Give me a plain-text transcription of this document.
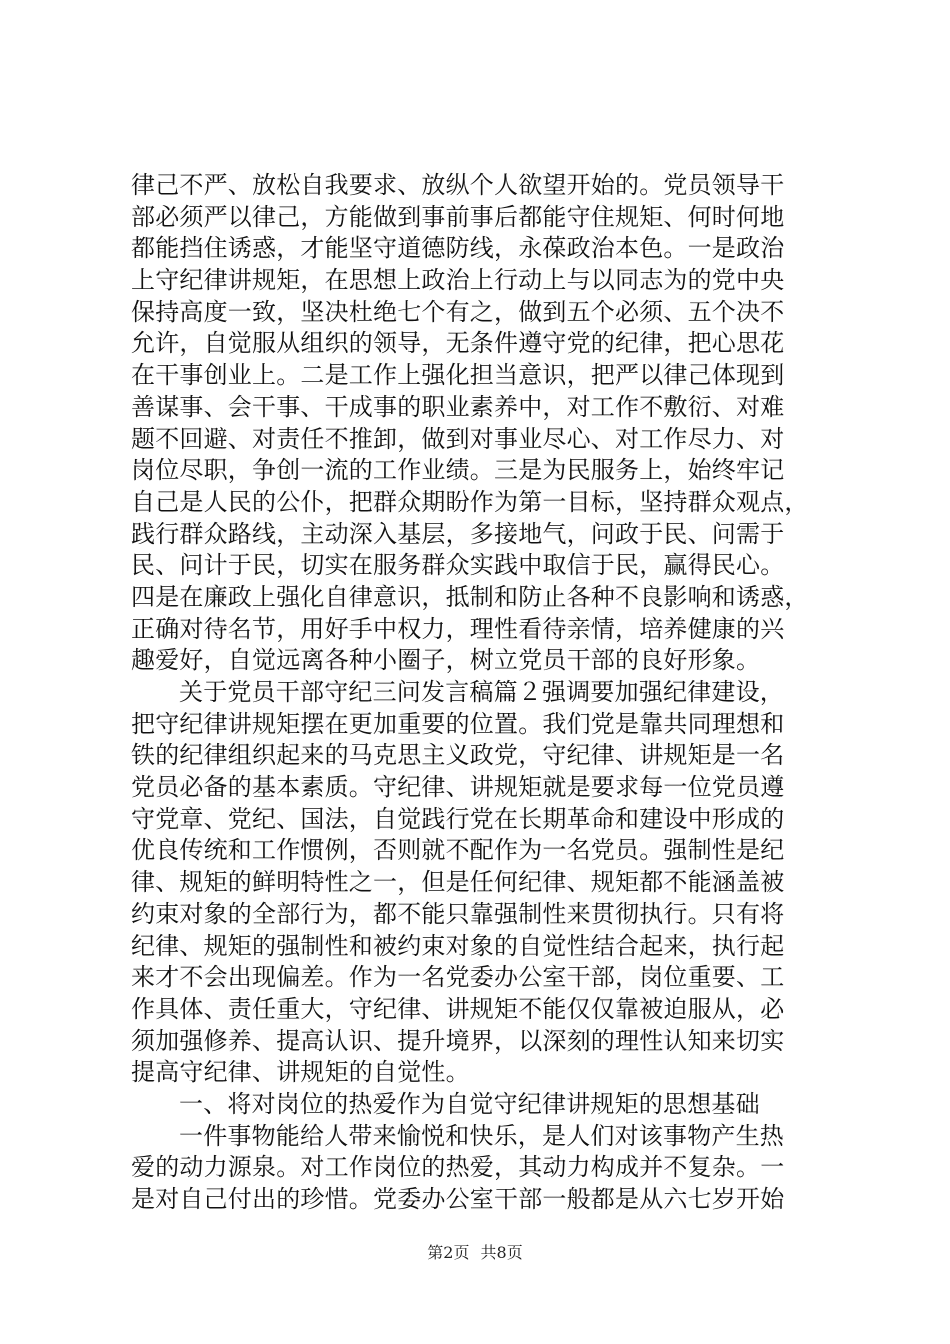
律己不严、放松自我要求、放纵个人欲望开始的。党员领导干
部必须严以律己，方能做到事前事后都能守住规矩、何时何地
都能挡住诱惑，才能坚守道德防线，永葆政治本色。一是政治
上守纪律讲规矩，在思想上政治上行动上与以同志为的党中央
保持高度一致，坚决杜绝七个有之，做到五个必须、五个决不
允许，自觉服从组织的领导，无条件遵守党的纪律，把心思花
在干事创业上。二是工作上强化担当意识，把严以律己体现到
善谋事、会干事、干成事的职业素养中，对工作不敷衍、对难
题不回避、对责任不推卸，做到对事业尽心、对工作尽力、对
岗位尽职，争创一流的工作业绩。三是为民服务上，始终牢记
自己是人民的公仆，把群众期盼作为第一目标，坚持群众观点，
践行群众路线，主动深入基层，多接地气，问政于民、问需于
民、问计于民，切实在服务群众实践中取信于民，赢得民心。
四是在廉政上强化自律意识，抵制和防止各种不良影响和诱惑，
正确对待名节，用好手中权力，理性看待亲情，培养健康的兴
趣爱好，自觉远离各种小圈子，树立党员干部的良好形象。
关于党员干部守纪三问发言稿篇２强调要加强纪律建设，
把守纪律讲规矩摆在更加重要的位置。我们党是靠共同理想和
铁的纪律组织起来的马克思主义政党，守纪律、讲规矩是一名
党员必备的基本素质。守纪律、讲规矩就是要求每一位党员遵
守党章、党纪、国法，自觉践行党在长期革命和建设中形成的
优良传统和工作惯例，否则就不配作为一名党员。强制性是纪
律、规矩的鲜明特性之一，但是任何纪律、规矩都不能涵盖被
约束对象的全部行为，都不能只靠强制性来贯彻执行。只有将
纪律、规矩的强制性和被约束对象的自觉性结合起来，执行起
来才不会出现偏差。作为一名党委办公室干部，岗位重要、工
作具体、责任重大，守纪律、讲规矩不能仅仅靠被迫服从，必
须加强修养、提高认识、提升境界，以深刻的理性认知来切实
提高守纪律、讲规矩的自觉性。
一、将对岗位的热爱作为自觉守纪律讲规矩的思想基础
一件事物能给人带来愉悦和快乐，是人们对该事物产生热
爱的动力源泉。对工作岗位的热爱，其动力构成并不复杂。一
是对自己付出的珍惜。党委办公室干部一般都是从六七岁开始
第2页 共8页
